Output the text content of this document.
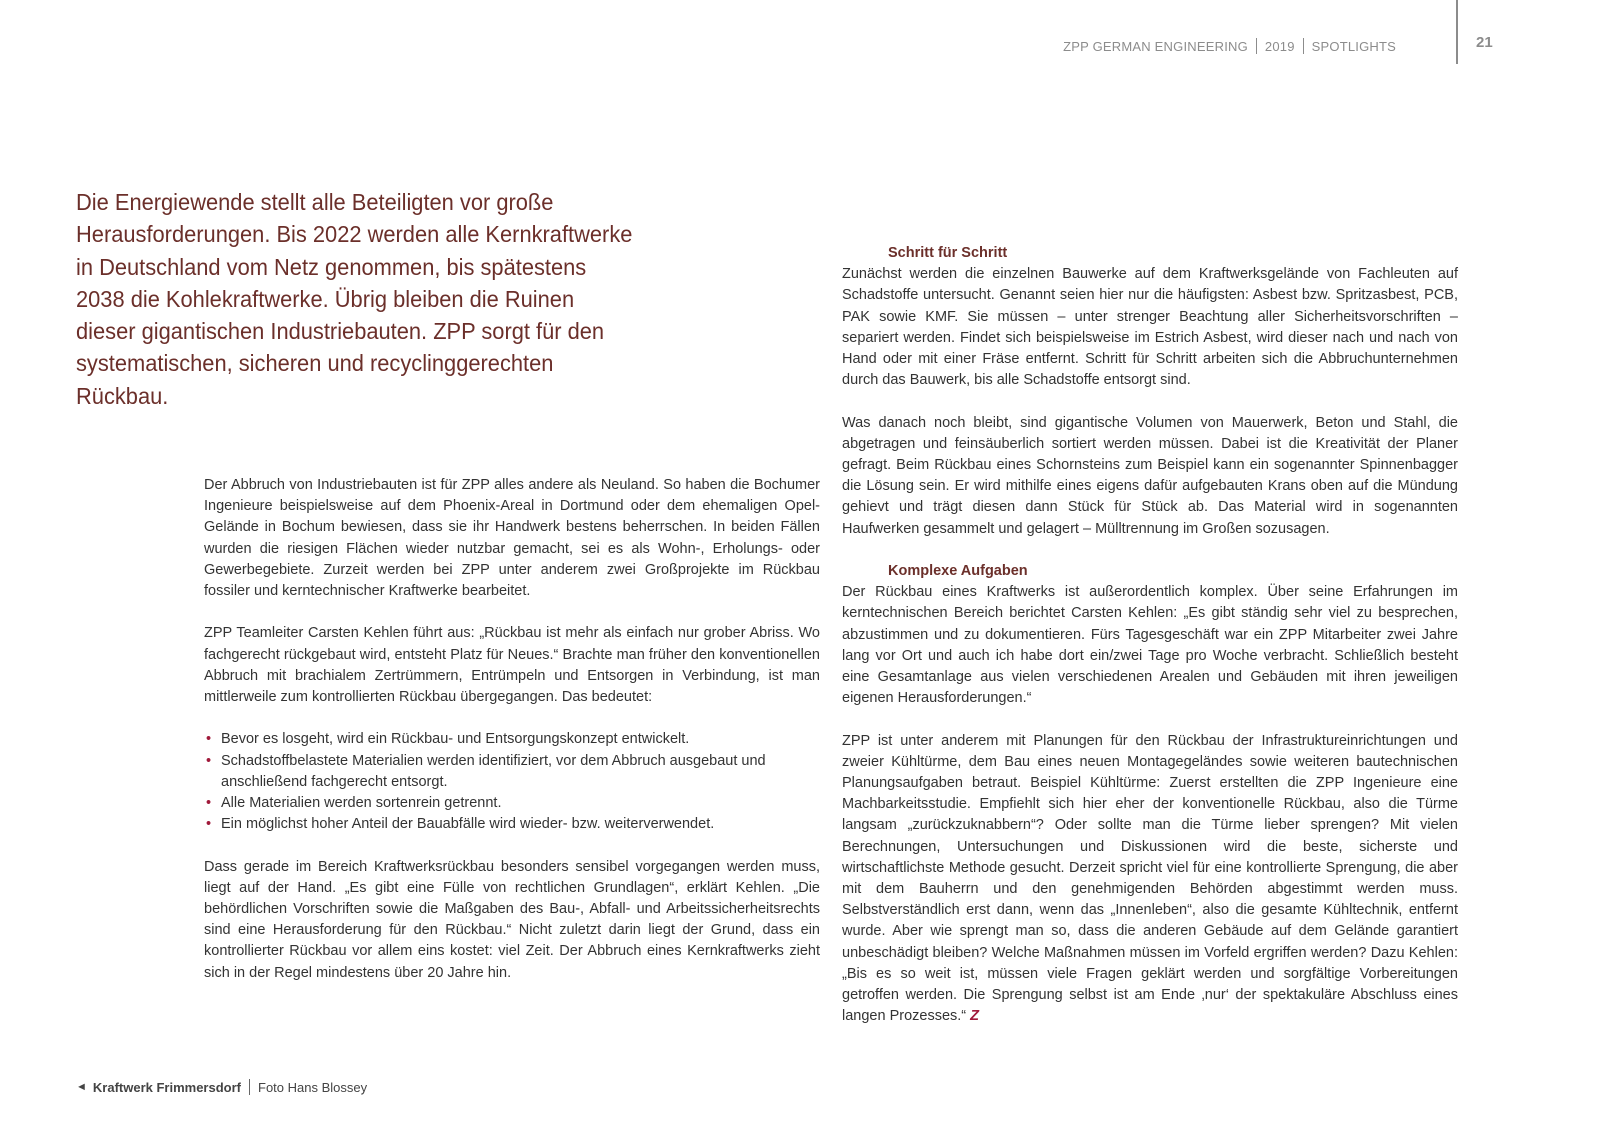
ZPP GERMAN ENGINEERING 2019 SPOTLIGHTS	21

Die Energiewende stellt alle Beteiligten vor große Herausforderungen. Bis 2022 werden alle Kernkraftwerke in Deutschland vom Netz genommen, bis spätestens 2038 die Kohlekraftwerke. Übrig bleiben die Ruinen dieser gigantischen Industriebauten. ZPP sorgt für den systematischen, sicheren und recyclinggerechten Rückbau.

Der Abbruch von Industriebauten ist für ZPP alles andere als Neuland. So haben die Bochumer Ingenieure beispielsweise auf dem Phoenix-Areal in Dortmund oder dem ehemaligen Opel-Gelände in Bochum bewiesen, dass sie ihr Handwerk bestens beherrschen. In beiden Fällen wurden die riesigen Flächen wieder nutzbar gemacht, sei es als Wohn-, Erholungs- oder Gewerbegebiete. Zurzeit werden bei ZPP unter anderem zwei Großprojekte im Rückbau fossiler und kerntechnischer Kraftwerke bearbeitet.

ZPP Teamleiter Carsten Kehlen führt aus: „Rückbau ist mehr als einfach nur grober Abriss. Wo fachgerecht rückgebaut wird, entsteht Platz für Neues.“ Brachte man früher den konventionellen Abbruch mit brachialem Zertrümmern, Entrümpeln und Entsorgen in Verbindung, ist man mittlerweile zum kontrollierten Rückbau übergegangen. Das bedeutet:

• Bevor es losgeht, wird ein Rückbau- und Entsorgungskonzept entwickelt.
• Schadstoffbelastete Materialien werden identifiziert, vor dem Abbruch ausgebaut und anschließend fachgerecht entsorgt.
• Alle Materialien werden sortenrein getrennt.
• Ein möglichst hoher Anteil der Bauabfälle wird wieder- bzw. weiterverwendet.

Dass gerade im Bereich Kraftwerksrückbau besonders sensibel vorgegangen werden muss, liegt auf der Hand. „Es gibt eine Fülle von rechtlichen Grundlagen“, erklärt Kehlen. „Die behördlichen Vorschriften sowie die Maßgaben des Bau-, Abfall- und Arbeitssicherheitsrechts sind eine Herausforderung für den Rückbau.“ Nicht zuletzt darin liegt der Grund, dass ein kontrollierter Rückbau vor allem eins kostet: viel Zeit. Der Abbruch eines Kernkraftwerks zieht sich in der Regel mindestens über 20 Jahre hin.

Schritt für Schritt

Zunächst werden die einzelnen Bauwerke auf dem Kraftwerksgelände von Fachleuten auf Schadstoffe untersucht. Genannt seien hier nur die häufigsten: Asbest bzw. Spritzasbest, PCB, PAK sowie KMF. Sie müssen – unter strenger Beachtung aller Sicherheitsvorschriften – separiert werden. Findet sich beispielsweise im Estrich Asbest, wird dieser nach und nach von Hand oder mit einer Fräse entfernt. Schritt für Schritt arbeiten sich die Abbruchunternehmen durch das Bauwerk, bis alle Schadstoffe entsorgt sind.

Was danach noch bleibt, sind gigantische Volumen von Mauerwerk, Beton und Stahl, die abgetragen und feinsäuberlich sortiert werden müssen. Dabei ist die Kreativität der Planer gefragt. Beim Rückbau eines Schornsteins zum Beispiel kann ein sogenannter Spinnenbagger die Lösung sein. Er wird mithilfe eines eigens dafür aufgebauten Krans oben auf die Mündung gehievt und trägt diesen dann Stück für Stück ab. Das Material wird in sogenannten Haufwerken gesammelt und gelagert – Mülltrennung im Großen sozusagen.

Komplexe Aufgaben

Der Rückbau eines Kraftwerks ist außerordentlich komplex. Über seine Erfahrungen im kerntechnischen Bereich berichtet Carsten Kehlen: „Es gibt ständig sehr viel zu besprechen, abzustimmen und zu dokumentieren. Fürs Tagesgeschäft war ein ZPP Mitarbeiter zwei Jahre lang vor Ort und auch ich habe dort ein/zwei Tage pro Woche verbracht. Schließlich besteht eine Gesamtanlage aus vielen verschiedenen Arealen und Gebäuden mit ihren jeweiligen eigenen Herausforderungen.“

ZPP ist unter anderem mit Planungen für den Rückbau der Infrastruktureinrichtungen und zweier Kühltürme, dem Bau eines neuen Montagegeländes sowie weiteren bautechnischen Planungsaufgaben betraut. Beispiel Kühltürme: Zuerst erstellten die ZPP Ingenieure eine Machbarkeitsstudie. Empfiehlt sich hier eher der konventionelle Rückbau, also die Türme langsam „zurückzuknabbern“? Oder sollte man die Türme lieber sprengen? Mit vielen Berechnungen, Untersuchungen und Diskussionen wird die beste, sicherste und wirtschaftlichste Methode gesucht. Derzeit spricht viel für eine kontrollierte Sprengung, die aber mit dem Bauherrn und den genehmigenden Behörden abgestimmt werden muss. Selbstverständlich erst dann, wenn das „Innenleben“, also die gesamte Kühltechnik, entfernt wurde. Aber wie sprengt man so, dass die anderen Gebäude auf dem Gelände garantiert unbeschädigt bleiben? Welche Maßnahmen müssen im Vorfeld ergriffen werden? Dazu Kehlen: „Bis es so weit ist, müssen viele Fragen geklärt werden und sorgfältige Vorbereitungen getroffen werden. Die Sprengung selbst ist am Ende ‚nur‘ der spektakuläre Abschluss eines langen Prozesses.“ Z

◄ Kraftwerk Frimmersdorf Foto Hans Blossey
